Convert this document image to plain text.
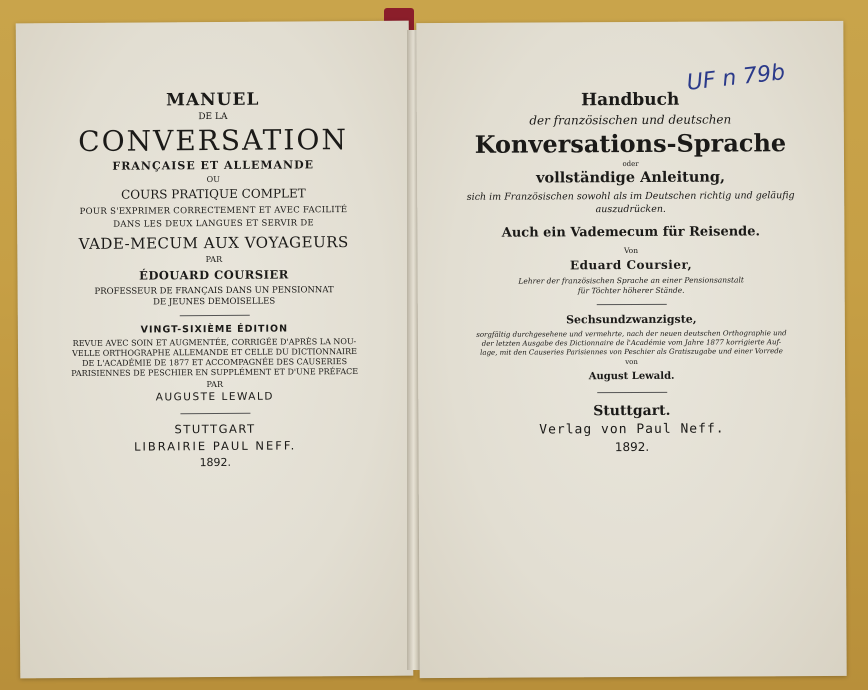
MANUEL
DE LA
CONVERSATION
FRANÇAISE ET ALLEMANDE
OU
COURS PRATIQUE COMPLET
POUR S'EXPRIMER CORRECTEMENT ET AVEC FACILITÉ
DANS LES DEUX LANGUES ET SERVIR DE
VADE-MECUM AUX VOYAGEURS
PAR
ÉDOUARD COURSIER
PROFESSEUR DE FRANÇAIS DANS UN PENSIONNAT
DE JEUNES DEMOISELLES
VINGT-SIXIÈME ÉDITION
REVUE AVEC SOIN ET AUGMENTÉE, CORRIGÉE D'APRÈS LA NOU-
VELLE ORTHOGRAPHE ALLEMANDE ET CELLE DU DICTIONNAIRE
DE L'ACADÉMIE DE 1877 ET ACCOMPAGNÉE DES CAUSERIES
PARISIENNES DE PESCHIER EN SUPPLÉMENT ET D'UNE PRÉFACE
PAR
AUGUSTE LEWALD
STUTTGART
LIBRAIRIE PAUL NEFF.
1892.
UF n 79b
Handbuch
der französischen und deutschen
Konversations-Sprache
oder
vollständige Anleitung,
sich im Französischen sowohl als im Deutschen richtig und geläufig
auszudrücken.
Auch ein Vademecum für Reisende.
Von
Eduard Coursier,
Lehrer der französischen Sprache an einer Pensionsanstalt
für Töchter höherer Stände.
Sechsundzwanzigste,
sorgfältig durchgesehene und vermehrte, nach der neuen deutschen Orthographie und
der letzten Ausgabe des Dictionnaire de l'Académie vom Jahre 1877 korrigierte Auf-
lage, mit den Causeries Parisiennes von Peschier als Gratiszugabe und einer Vorrede
von
August Lewald.
Stuttgart.
Verlag von Paul Neff.
1892.
